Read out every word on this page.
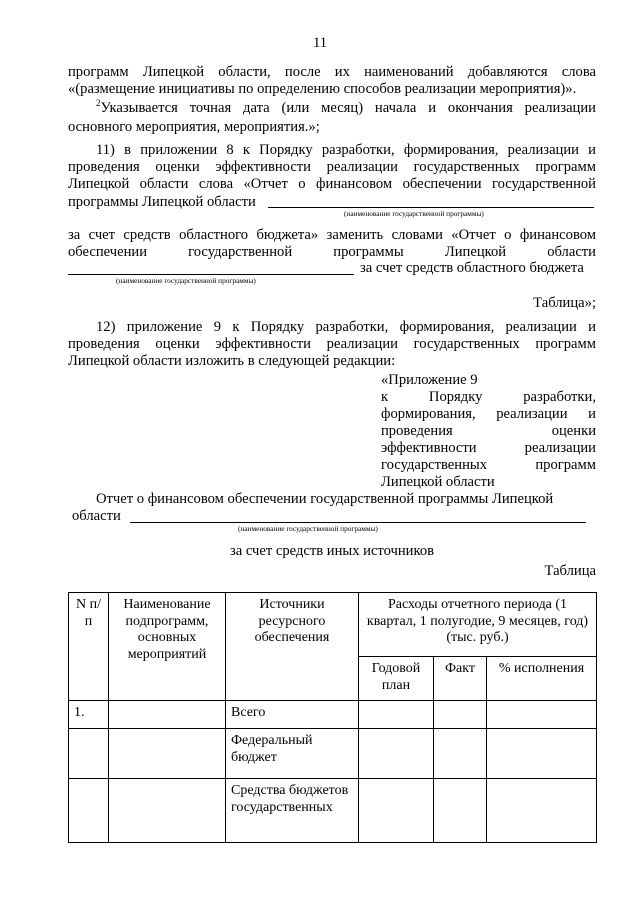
11
программ Липецкой области, после их наименований добавляются слова
«(размещение инициативы по определению способов реализации мероприятия)».
$^2$Указывается точная дата (или месяц) начала и окончания реализации
основного мероприятия, мероприятия.»;
11) в приложении 8 к Порядку разработки, формирования, реализации и
проведения оценки эффективности реализации государственных программ
Липецкой области слова «Отчет о финансовом обеспечении государственной
программы Липецкой области
(наименование государственной программы)
за счет средств областного бюджета» заменить словами «Отчет о финансовом
обеспечении	государственной	программы	Липецкой	области
за счет средств областного бюджета
(наименование государственной программы)
Таблица»;
12) приложение 9 к Порядку разработки, формирования, реализации и
проведения оценки эффективности реализации государственных программ
Липецкой области изложить в следующей редакции:
«Приложение 9
к	Порядку	разработки,
формирования, реализации и
проведения	оценки
эффективности	реализации
государственных	программ
Липецкой области
Отчет о финансовом обеспечении государственной программы Липецкой
области
(наименование государственной программы)
за счет средств иных источников
Таблица
N п/п	Наименование подпрограмм, основных мероприятий	Источники ресурсного обеспечения	Расходы отчетного периода (1 квартал, 1 полугодие, 9 месяцев, год) (тыс. руб.)		
			Годовой план	Факт	% исполнения
1.		Всего			
		Федеральный бюджет			
		Средства бюджетов государственных			
